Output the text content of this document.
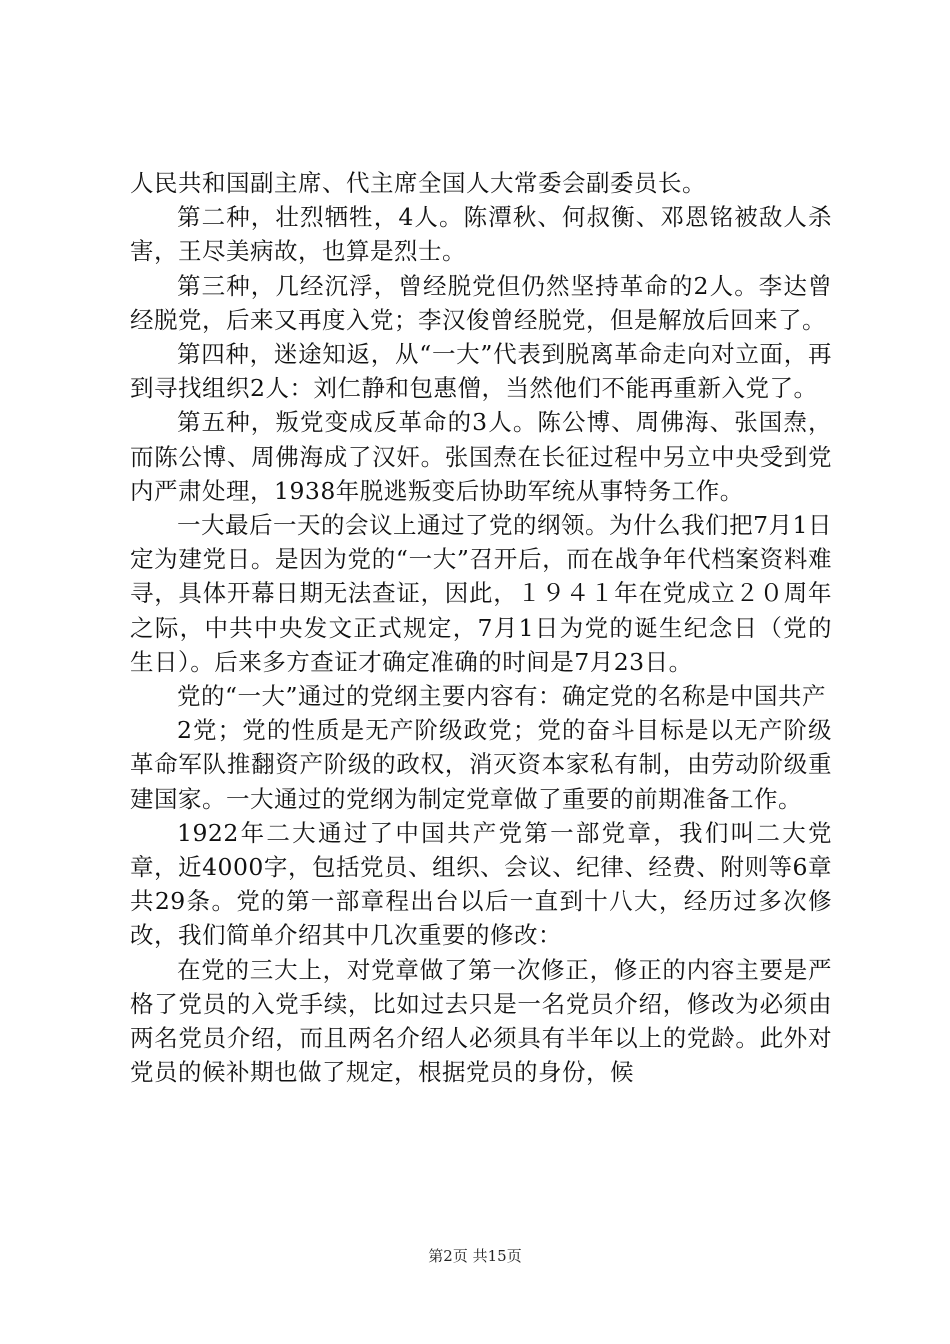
人民共和国副主席、代主席全国人大常委会副委员长。

第二种，壮烈牺牲，4人。陈潭秋、何叔衡、邓恩铭被敌人杀害，王尽美病故，也算是烈士。

第三种，几经沉浮，曾经脱党但仍然坚持革命的2人。李达曾经脱党，后来又再度入党；李汉俊曾经脱党，但是解放后回来了。

第四种，迷途知返，从“一大”代表到脱离革命走向对立面，再到寻找组织2人：刘仁静和包惠僧，当然他们不能再重新入党了。

第五种，叛党变成反革命的3人。陈公博、周佛海、张国焘，而陈公博、周佛海成了汉奸。张国焘在长征过程中另立中央受到党内严肃处理，1938年脱逃叛变后协助军统从事特务工作。

一大最后一天的会议上通过了党的纲领。为什么我们把7月1日定为建党日。是因为党的“一大”召开后，而在战争年代档案资料难寻，具体开幕日期无法查证，因此，１９４１年在党成立２０周年之际，中共中央发文正式规定，7月1日为党的诞生纪念日（党的生日）。后来多方查证才确定准确的时间是7月23日。

党的“一大”通过的党纲主要内容有：确定党的名称是中国共产

2党；党的性质是无产阶级政党；党的奋斗目标是以无产阶级革命军队推翻资产阶级的政权，消灭资本家私有制，由劳动阶级重建国家。一大通过的党纲为制定党章做了重要的前期准备工作。

1922年二大通过了中国共产党第一部党章，我们叫二大党章，近4000字，包括党员、组织、会议、纪律、经费、附则等6章共29条。党的第一部章程出台以后一直到十八大，经历过多次修改，我们简单介绍其中几次重要的修改：

在党的三大上，对党章做了第一次修正，修正的内容主要是严格了党员的入党手续，比如过去只是一名党员介绍，修改为必须由两名党员介绍，而且两名介绍人必须具有半年以上的党龄。此外对党员的候补期也做了规定，根据党员的身份，候

第2页 共15页
